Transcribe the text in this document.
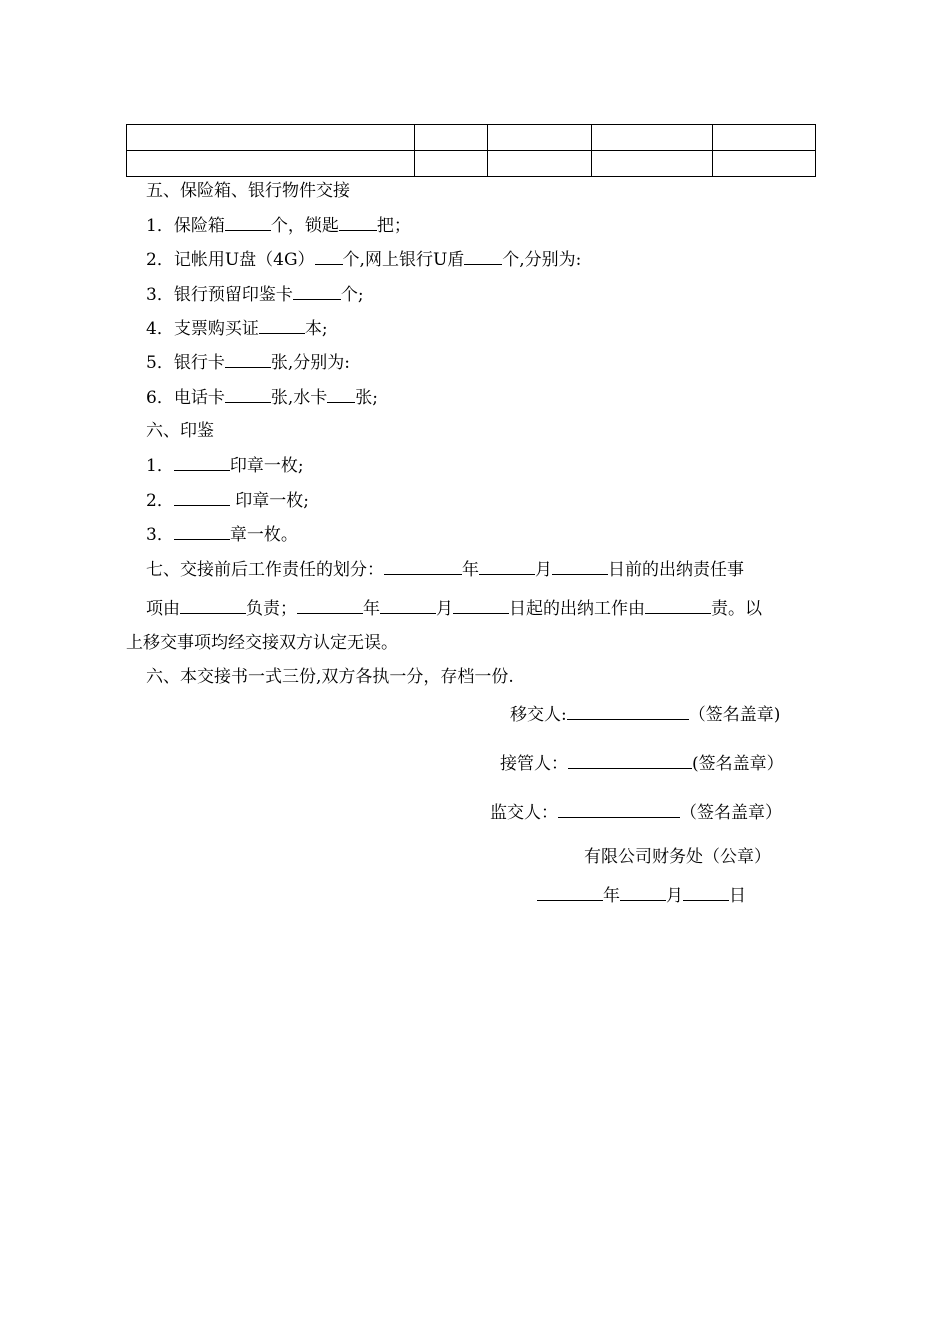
五、保险箱、银行物件交接
1．保险箱	个，锁匙 把；
2．记帐用U盘（4G） 个,网上银行U盾 个,分别为:
3．银行预留印鉴卡	个;
4．支票购买证	本;
5．银行卡	张,分别为:
6．电话卡	张,水卡 张;
六、印鉴
1．	印章一枚;
2．	印章一枚;
3．	章一枚。
七、交接前后工作责任的划分：	年	月	日前的出纳责任事
项由	负责；	年	月	日起的出纳工作由	责。以
上移交事项均经交接双方认定无误。
六、本交接书一式三份,双方各执一分，存档一份.
移交人:	（签名盖章)
接管人：	(签名盖章）
监交人：	（签名盖章）
有限公司财务处（公章）
年	月	日
